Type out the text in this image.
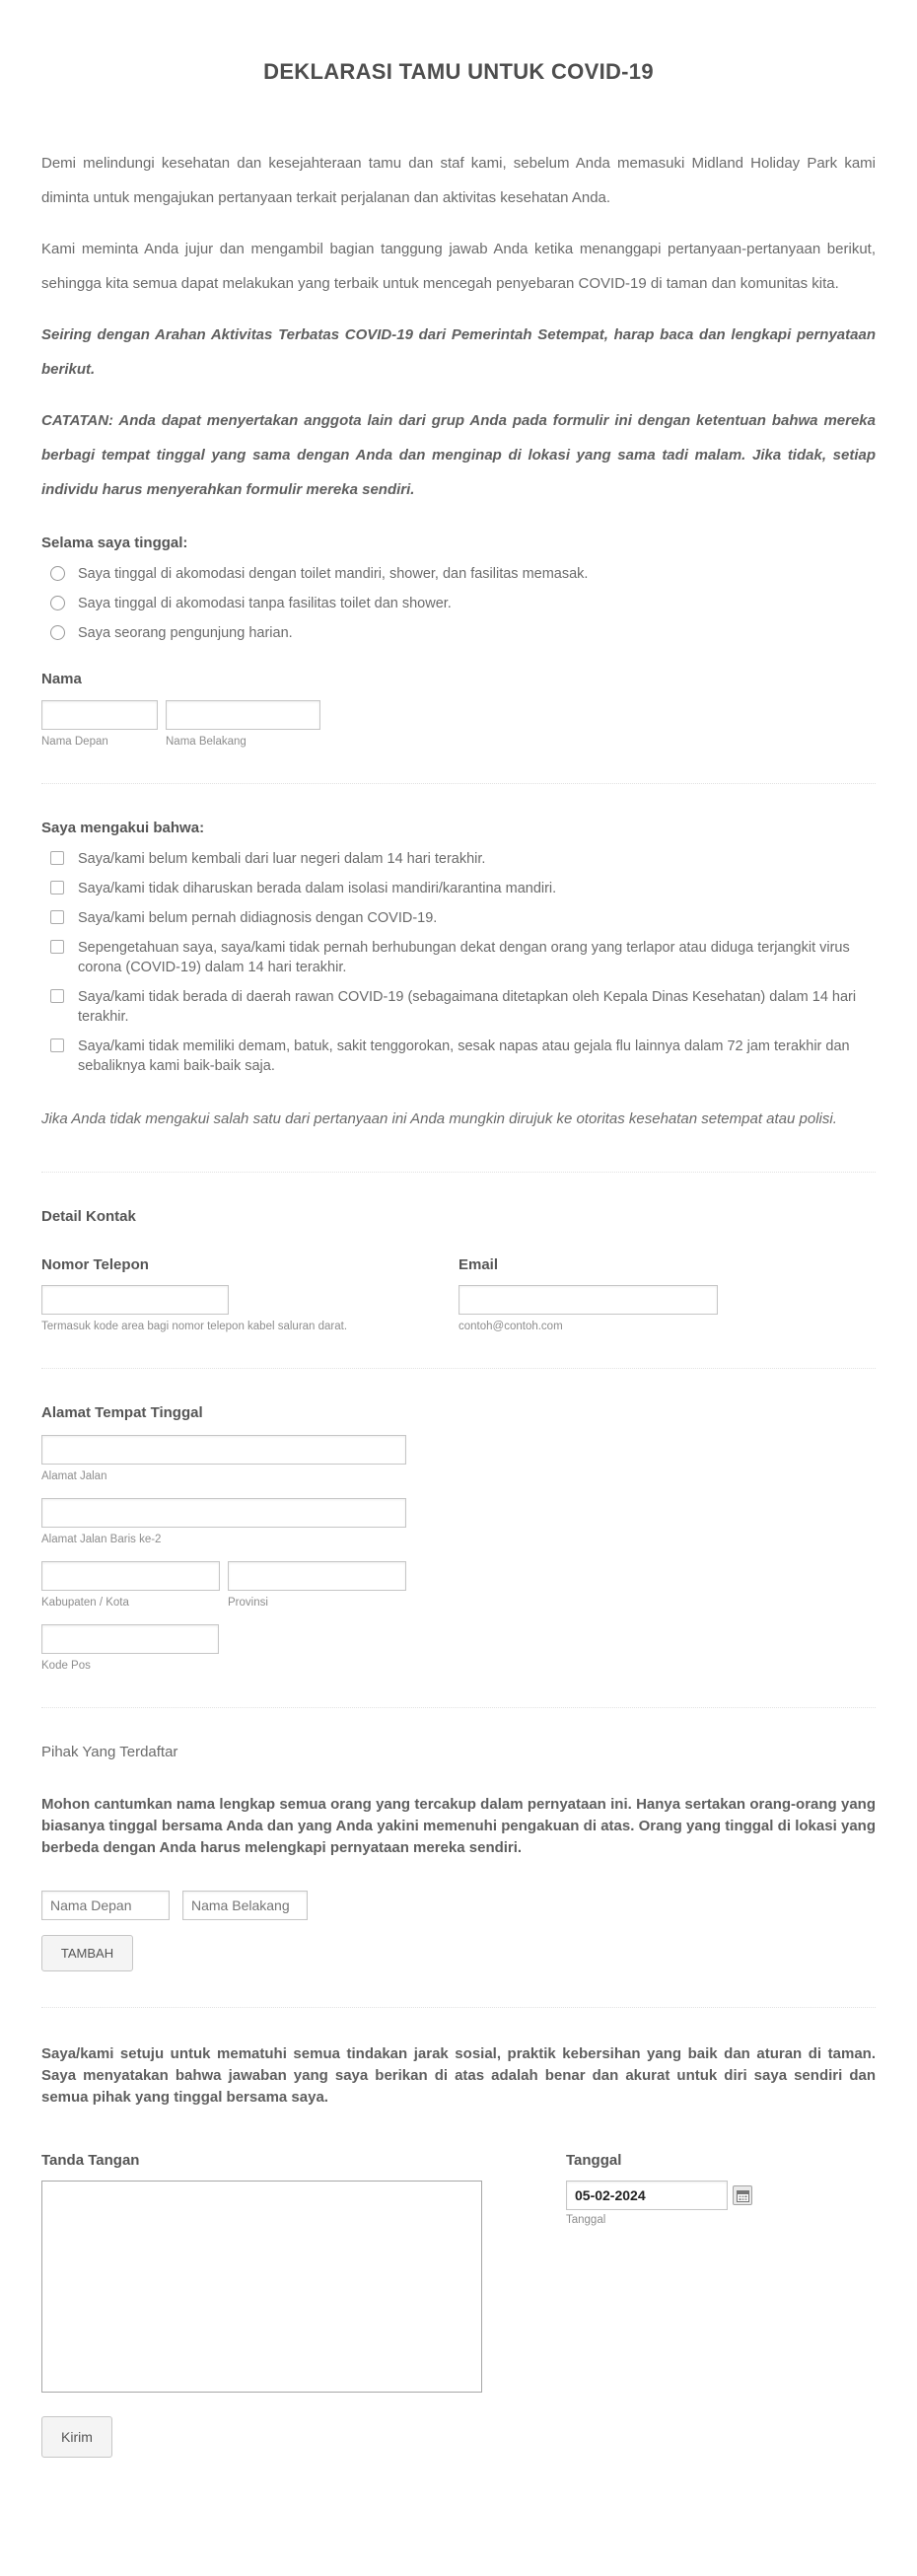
DEKLARASI TAMU UNTUK COVID-19

Demi melindungi kesehatan dan kesejahteraan tamu dan staf kami, sebelum Anda memasuki Midland Holiday Park kami diminta untuk mengajukan pertanyaan terkait perjalanan dan aktivitas kesehatan Anda.

Kami meminta Anda jujur dan mengambil bagian tanggung jawab Anda ketika menanggapi pertanyaan-pertanyaan berikut, sehingga kita semua dapat melakukan yang terbaik untuk mencegah penyebaran COVID-19 di taman dan komunitas kita.

Seiring dengan Arahan Aktivitas Terbatas COVID-19 dari Pemerintah Setempat, harap baca dan lengkapi pernyataan berikut.

CATATAN: Anda dapat menyertakan anggota lain dari grup Anda pada formulir ini dengan ketentuan bahwa mereka berbagi tempat tinggal yang sama dengan Anda dan menginap di lokasi yang sama tadi malam. Jika tidak, setiap individu harus menyerahkan formulir mereka sendiri.

Selama saya tinggal:
Saya tinggal di akomodasi dengan toilet mandiri, shower, dan fasilitas memasak.
Saya tinggal di akomodasi tanpa fasilitas toilet dan shower.
Saya seorang pengunjung harian.
Nama
Nama Depan	Nama Belakang
Saya mengakui bahwa:
Saya/kami belum kembali dari luar negeri dalam 14 hari terakhir.
Saya/kami tidak diharuskan berada dalam isolasi mandiri/karantina mandiri.
Saya/kami belum pernah didiagnosis dengan COVID-19.
Sepengetahuan saya, saya/kami tidak pernah berhubungan dekat dengan orang yang terlapor atau diduga terjangkit virus corona (COVID-19) dalam 14 hari terakhir.
Saya/kami tidak berada di daerah rawan COVID-19 (sebagaimana ditetapkan oleh Kepala Dinas Kesehatan) dalam 14 hari terakhir.
Saya/kami tidak memiliki demam, batuk, sakit tenggorokan, sesak napas atau gejala flu lainnya dalam 72 jam terakhir dan sebaliknya kami baik-baik saja.

Jika Anda tidak mengakui salah satu dari pertanyaan ini Anda mungkin dirujuk ke otoritas kesehatan setempat atau polisi.

Detail Kontak
Nomor Telepon
Termasuk kode area bagi nomor telepon kabel saluran darat.
Email
contoh@contoh.com
Alamat Tempat Tinggal
Alamat Jalan
Alamat Jalan Baris ke-2
Kabupaten / Kota	Provinsi
Kode Pos
Pihak Yang Terdaftar

Mohon cantumkan nama lengkap semua orang yang tercakup dalam pernyataan ini. Hanya sertakan orang-orang yang biasanya tinggal bersama Anda dan yang Anda yakini memenuhi pengakuan di atas. Orang yang tinggal di lokasi yang berbeda dengan Anda harus melengkapi pernyataan mereka sendiri.

Nama Depan
Nama Belakang
TAMBAH

Saya/kami setuju untuk mematuhi semua tindakan jarak sosial, praktik kebersihan yang baik dan aturan di taman. Saya menyatakan bahwa jawaban yang saya berikan di atas adalah benar dan akurat untuk diri saya sendiri dan semua pihak yang tinggal bersama saya.

Tanda Tangan	Tanggal
05-02-2024
Tanggal
Kirim
